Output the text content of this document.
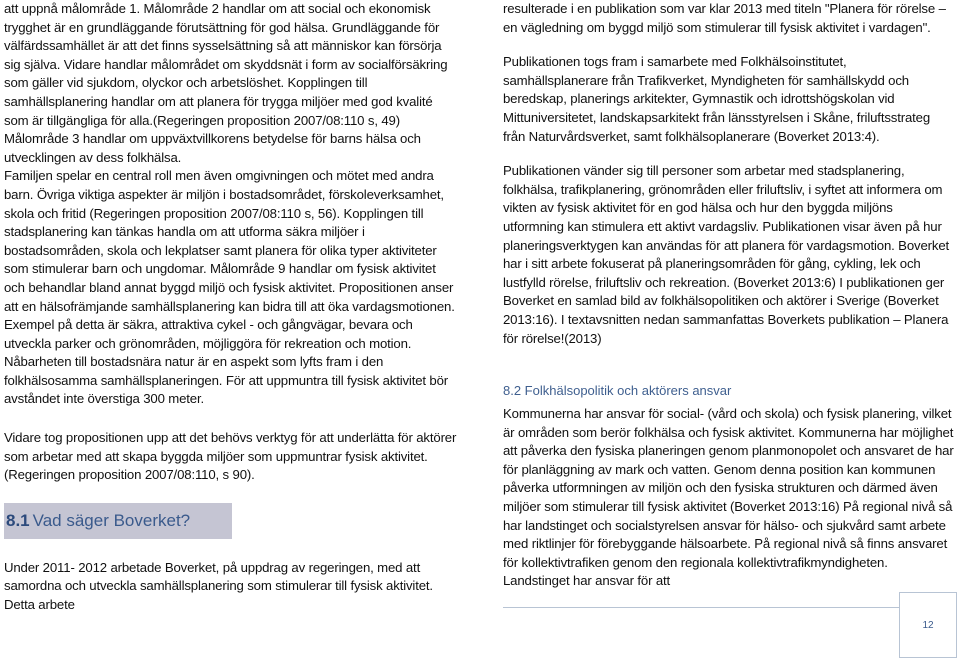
att uppnå målområde 1. Målområde 2 handlar om att social och ekonomisk trygghet är en grundläggande förutsättning för god hälsa. Grundläggande för välfärdssamhället är att det finns sysselsättning så att människor kan försörja sig själva. Vidare handlar målområdet om skyddsnät i form av socialförsäkring som gäller vid sjukdom, olyckor och arbetslöshet. Kopplingen till samhällsplanering handlar om att planera för trygga miljöer med god kvalité som är tillgängliga för alla.(Regeringen proposition 2007/08:110 s, 49) Målområde 3 handlar om uppväxtvillkorens betydelse för barns hälsa och utvecklingen av dess folkhälsa.

Familjen spelar en central roll men även omgivningen och mötet med andra barn. Övriga viktiga aspekter är miljön i bostadsområdet, förskoleverksamhet, skola och fritid (Regeringen proposition 2007/08:110 s, 56). Kopplingen till stadsplanering kan tänkas handla om att utforma säkra miljöer i bostadsområden, skola och lekplatser samt planera för olika typer aktiviteter som stimulerar barn och ungdomar. Målområde 9 handlar om fysisk aktivitet och behandlar bland annat byggd miljö och fysisk aktivitet. Propositionen anser att en hälsofrämjande samhällsplanering kan bidra till att öka vardagsmotionen. Exempel på detta är säkra, attraktiva cykel - och gångvägar, bevara och utveckla parker och grönområden, möjliggöra för rekreation och motion. Nåbarheten till bostadsnära natur är en aspekt som lyfts fram i den folkhälsosamma samhällsplaneringen. För att uppmuntra till fysisk aktivitet bör avståndet inte överstiga 300 meter.

Vidare tog propositionen upp att det behövs verktyg för att underlätta för aktörer som arbetar med att skapa byggda miljöer som uppmuntrar fysisk aktivitet. (Regeringen proposition 2007/08:110, s 90).

8.1 Vad säger Boverket?

Under 2011- 2012 arbetade Boverket, på uppdrag av regeringen, med att samordna och utveckla samhällsplanering som stimulerar till fysisk aktivitet. Detta arbete

resulterade i en publikation som var klar 2013 med titeln "Planera för rörelse – en vägledning om byggd miljö som stimulerar till fysisk aktivitet i vardagen".

Publikationen togs fram i samarbete med Folkhälsoinstitutet, samhällsplanerare från Trafikverket, Myndigheten för samhällskydd och beredskap, planerings arkitekter, Gymnastik och idrottshögskolan vid Mittuniversitetet, landskapsarkitekt från länsstyrelsen i Skåne, friluftsstrateg från Naturvårdsverket, samt folkhälsoplanerare (Boverket 2013:4).

Publikationen vänder sig till personer som arbetar med stadsplanering, folkhälsa, trafikplanering, grönområden eller friluftsliv, i syftet att informera om vikten av fysisk aktivitet för en god hälsa och hur den byggda miljöns utformning kan stimulera ett aktivt vardagsliv. Publikationen visar även på hur planeringsverktygen kan användas för att planera för vardagsmotion. Boverket har i sitt arbete fokuserat på planeringsområden för gång, cykling, lek och lustfylld rörelse, friluftsliv och rekreation. (Boverket 2013:6) I publikationen ger Boverket en samlad bild av folkhälsopolitiken och aktörer i Sverige (Boverket 2013:16). I textavsnitten nedan sammanfattas Boverkets publikation – Planera för rörelse!(2013)

8.2 Folkhälsopolitik och aktörers ansvar

Kommunerna har ansvar för social- (vård och skola) och fysisk planering, vilket är områden som berör folkhälsa och fysisk aktivitet. Kommunerna har möjlighet att påverka den fysiska planeringen genom planmonopolet och ansvaret de har för planläggning av mark och vatten. Genom denna position kan kommunen påverka utformningen av miljön och den fysiska strukturen och därmed även miljöer som stimulerar till fysisk aktivitet (Boverket 2013:16) På regional nivå så har landstinget och socialstyrelsen ansvar för hälso- och sjukvård samt arbete med riktlinjer för förebyggande hälsoarbete. På regional nivå så finns ansvaret för kollektivtrafiken genom den regionala kollektivtrafikmyndigheten. Landstinget har ansvar för att

12
